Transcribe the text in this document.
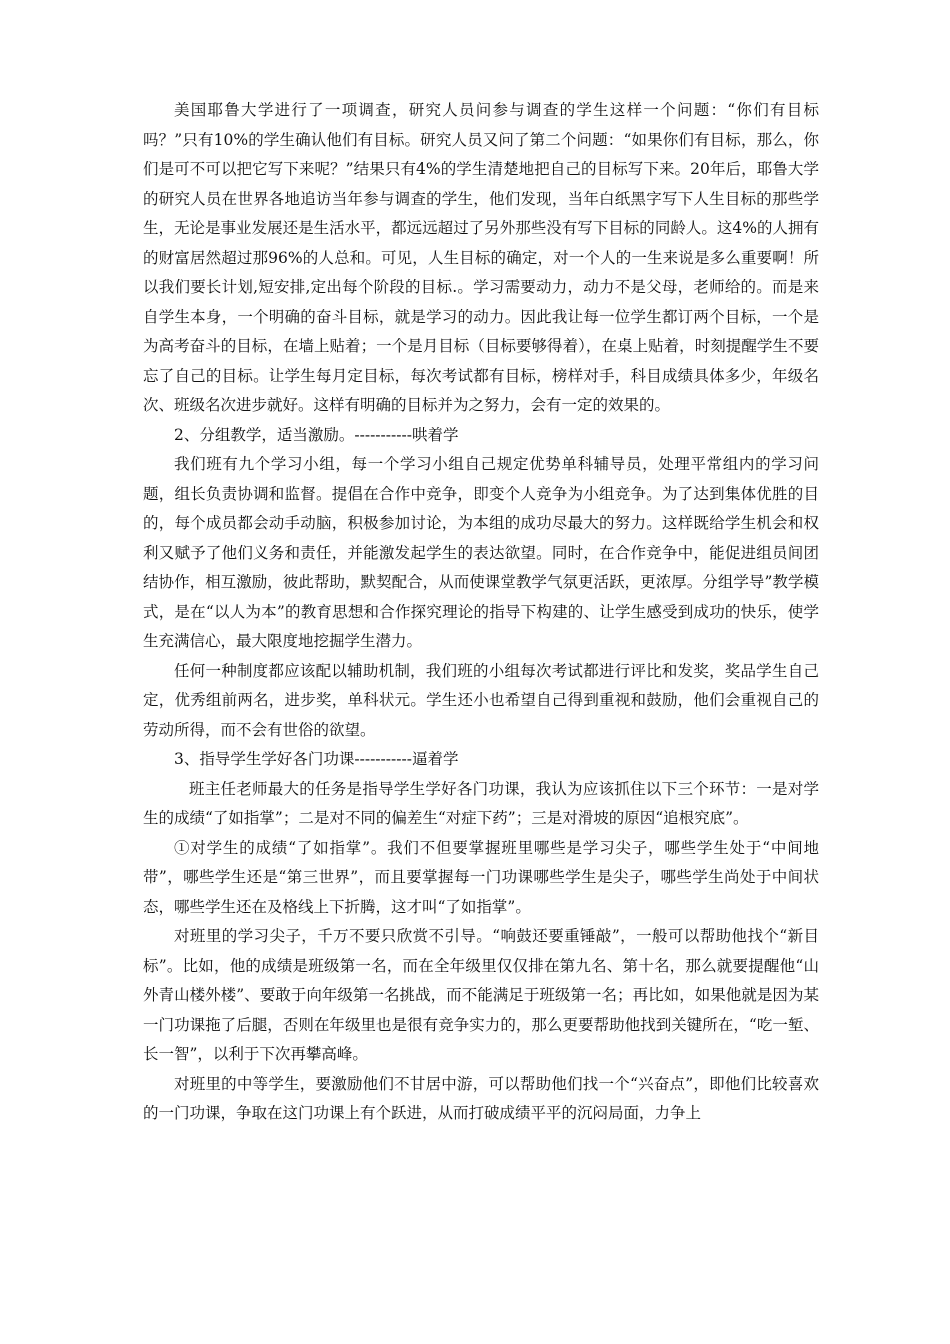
美国耶鲁大学进行了一项调查，研究人员问参与调查的学生这样一个问题：“你们有目标吗？”只有10%的学生确认他们有目标。研究人员又问了第二个问题：“如果你们有目标，那么，你们是可不可以把它写下来呢？”结果只有4%的学生清楚地把自己的目标写下来。20年后，耶鲁大学的研究人员在世界各地追访当年参与调查的学生，他们发现，当年白纸黑字写下人生目标的那些学生，无论是事业发展还是生活水平，都远远超过了另外那些没有写下目标的同龄人。这4%的人拥有的财富居然超过那96%的人总和。可见，人生目标的确定，对一个人的一生来说是多么重要啊！所以我们要长计划,短安排,定出每个阶段的目标.。学习需要动力，动力不是父母，老师给的。而是来自学生本身，一个明确的奋斗目标，就是学习的动力。因此我让每一位学生都订两个目标，一个是为高考奋斗的目标，在墙上贴着；一个是月目标（目标要够得着），在桌上贴着，时刻提醒学生不要忘了自己的目标。让学生每月定目标，每次考试都有目标，榜样对手，科目成绩具体多少，年级名次、班级名次进步就好。这样有明确的目标并为之努力，会有一定的效果的。

2、分组教学，适当激励。-----------哄着学

我们班有九个学习小组，每一个学习小组自己规定优势单科辅导员，处理平常组内的学习问题，组长负责协调和监督。提倡在合作中竞争，即变个人竞争为小组竞争。为了达到集体优胜的目的，每个成员都会动手动脑，积极参加讨论，为本组的成功尽最大的努力。这样既给学生机会和权利又赋予了他们义务和责任，并能激发起学生的表达欲望。同时，在合作竞争中，能促进组员间团结协作，相互激励，彼此帮助，默契配合，从而使课堂教学气氛更活跃，更浓厚。分组学导”教学模式，是在“以人为本”的教育思想和合作探究理论的指导下构建的、让学生感受到成功的快乐，使学生充满信心，最大限度地挖掘学生潜力。

任何一种制度都应该配以辅助机制，我们班的小组每次考试都进行评比和发奖，奖品学生自己定，优秀组前两名，进步奖，单科状元。学生还小也希望自己得到重视和鼓励，他们会重视自己的劳动所得，而不会有世俗的欲望。

3、指导学生学好各门功课-----------逼着学

班主任老师最大的任务是指导学生学好各门功课，我认为应该抓住以下三个环节：一是对学生的成绩“了如指掌”；二是对不同的偏差生“对症下药”；三是对滑坡的原因“追根究底”。

①对学生的成绩“了如指掌”。我们不但要掌握班里哪些是学习尖子，哪些学生处于“中间地带”，哪些学生还是“第三世界”，而且要掌握每一门功课哪些学生是尖子，哪些学生尚处于中间状态，哪些学生还在及格线上下折腾，这才叫“了如指掌”。

对班里的学习尖子，千万不要只欣赏不引导。“响鼓还要重锤敲”，一般可以帮助他找个“新目标”。比如，他的成绩是班级第一名，而在全年级里仅仅排在第九名、第十名，那么就要提醒他“山外青山楼外楼”、要敢于向年级第一名挑战，而不能满足于班级第一名；再比如，如果他就是因为某一门功课拖了后腿，否则在年级里也是很有竞争实力的，那么更要帮助他找到关键所在，“吃一堑、长一智”，以利于下次再攀高峰。

对班里的中等学生，要激励他们不甘居中游，可以帮助他们找一个“兴奋点”，即他们比较喜欢的一门功课，争取在这门功课上有个跃进，从而打破成绩平平的沉闷局面，力争上
